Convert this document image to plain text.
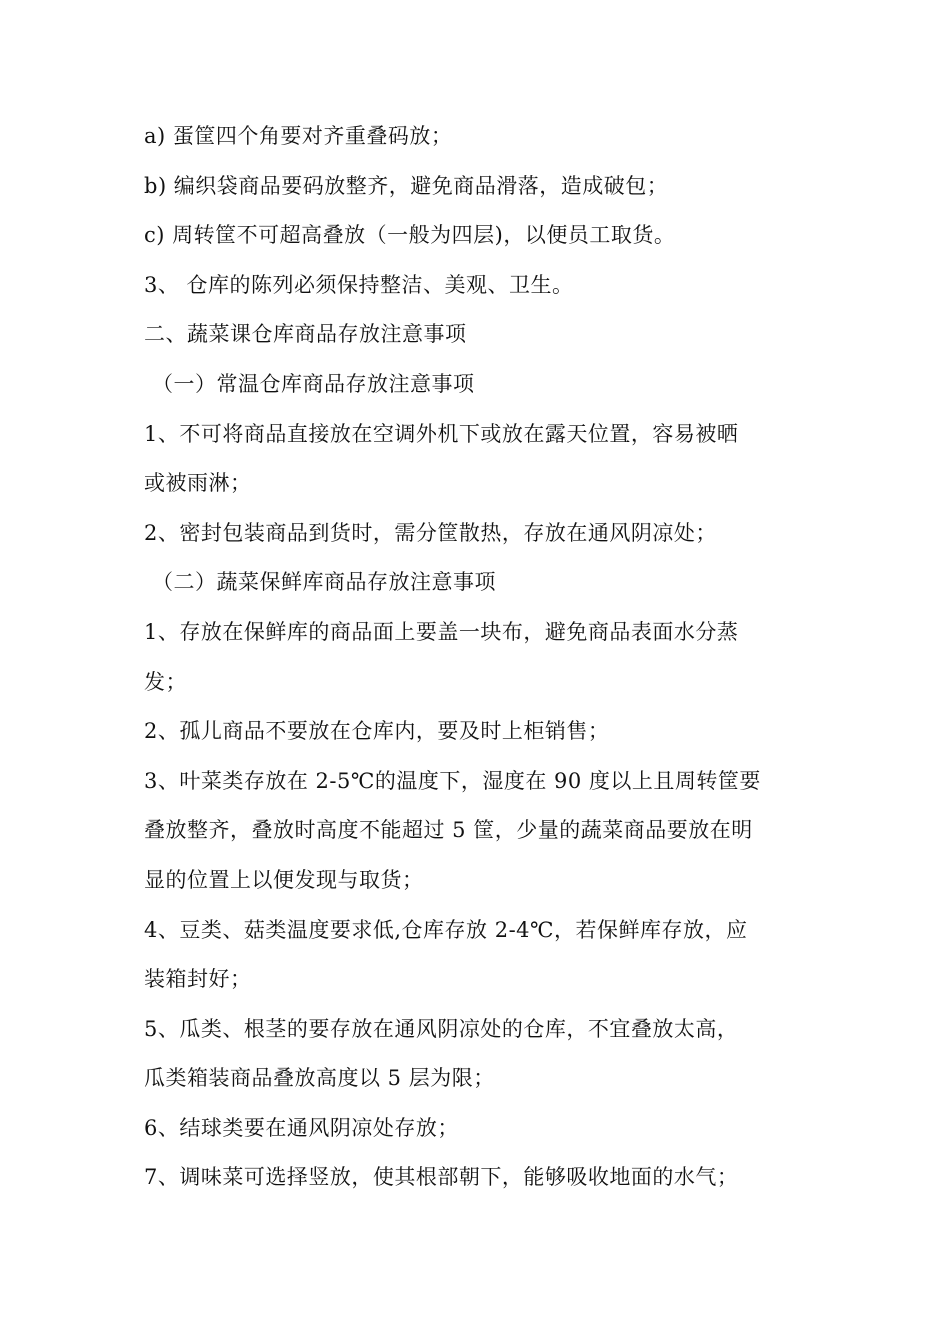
a) 蛋筐四个角要对齐重叠码放；
b) 编织袋商品要码放整齐，避免商品滑落，造成破包；
c) 周转筐不可超高叠放（一般为四层)，以便员工取货。
3、 仓库的陈列必须保持整洁、美观、卫生。
二、蔬菜课仓库商品存放注意事项
（一）常温仓库商品存放注意事项
1、不可将商品直接放在空调外机下或放在露天位置，容易被晒
或被雨淋；
2、密封包装商品到货时，需分筐散热，存放在通风阴凉处；
（二）蔬菜保鲜库商品存放注意事项
1、存放在保鲜库的商品面上要盖一块布，避免商品表面水分蒸
发；
2、孤儿商品不要放在仓库内，要及时上柜销售；
3、叶菜类存放在 2-5℃的温度下，湿度在 90 度以上且周转筐要
叠放整齐，叠放时高度不能超过 5 筐，少量的蔬菜商品要放在明
显的位置上以便发现与取货；
4、豆类、菇类温度要求低,仓库存放 2-4℃，若保鲜库存放，应
装箱封好；
5、瓜类、根茎的要存放在通风阴凉处的仓库，不宜叠放太高，
瓜类箱装商品叠放高度以 5 层为限；
6、结球类要在通风阴凉处存放；
7、调味菜可选择竖放，使其根部朝下，能够吸收地面的水气；
